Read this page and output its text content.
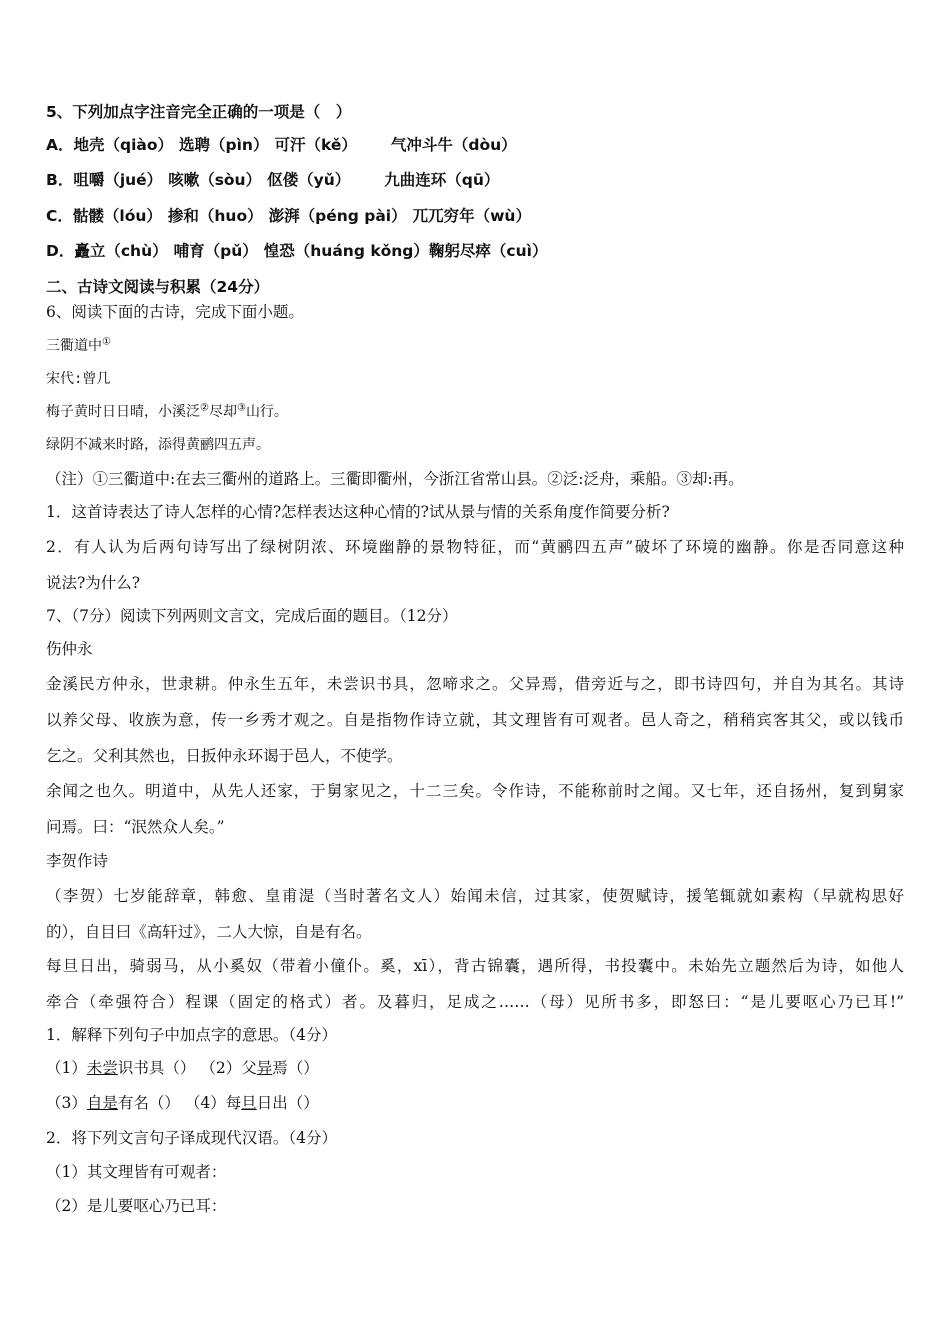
5、下列加点字注音完全正确的一项是（　）
A．地壳（qiào） 选聘（pìn） 可汗（kě） 气冲斗牛（dòu）
B．咀嚼（jué） 咳嗽（sòu） 伛偻（yǔ） 九曲连环（qū）
C．骷髅（lóu） 掺和（huo） 澎湃（péng pài） 兀兀穷年（wù）
D．矗立（chù） 哺育（pǔ） 惶恐（huáng kǒng）鞠躬尽瘁（cuì）
二、古诗文阅读与积累（24分）
6、阅读下面的古诗，完成下面小题。
三衢道中①
宋代:曾几
梅子黄时日日晴，小溪泛②尽却③山行。
绿阴不减来时路，添得黄鹂四五声。
（注）①三衢道中:在去三衢州的道路上。三衢即衢州，今浙江省常山县。②泛:泛舟，乘船。③却:再。
1．这首诗表达了诗人怎样的心情?怎样表达这种心情的?试从景与情的关系角度作简要分析?
2．有人认为后两句诗写出了绿树阴浓、环境幽静的景物特征，而“黄鹂四五声”破坏了环境的幽静。你是否同意这种
说法?为什么?
7、（7分）阅读下列两则文言文，完成后面的题目。（12分）
伤仲永
金溪民方仲永，世隶耕。仲永生五年，未尝识书具，忽啼求之。父异焉，借旁近与之，即书诗四句，并自为其名。其诗
以养父母、收族为意，传一乡秀才观之。自是指物作诗立就，其文理皆有可观者。邑人奇之，稍稍宾客其父，或以钱币
乞之。父利其然也，日扳仲永环谒于邑人，不使学。
余闻之也久。明道中，从先人还家，于舅家见之，十二三矣。令作诗，不能称前时之闻。又七年，还自扬州，复到舅家
问焉。曰：“泯然众人矣。”
李贺作诗
（李贺）七岁能辞章，韩愈、皇甫湜（当时著名文人）始闻未信，过其家，使贺赋诗，援笔辄就如素构（早就构思好
的），自目曰《高轩过》，二人大惊，自是有名。
每旦日出，骑弱马，从小奚奴（带着小僮仆。奚，xī），背古锦囊，遇所得，书投囊中。未始先立题然后为诗，如他人
牵合（牵强符合）程课（固定的格式）者。及暮归，足成之……（母）见所书多，即怒曰：“是儿要呕心乃已耳!”
1．解释下列句子中加点字的意思。（4分）
（1）未尝识书具（） （2）父异焉（）
（3）自是有名（） （4）每旦日出（）
2．将下列文言句子译成现代汉语。（4分）
（1）其文理皆有可观者：
（2）是儿要呕心乃已耳：
